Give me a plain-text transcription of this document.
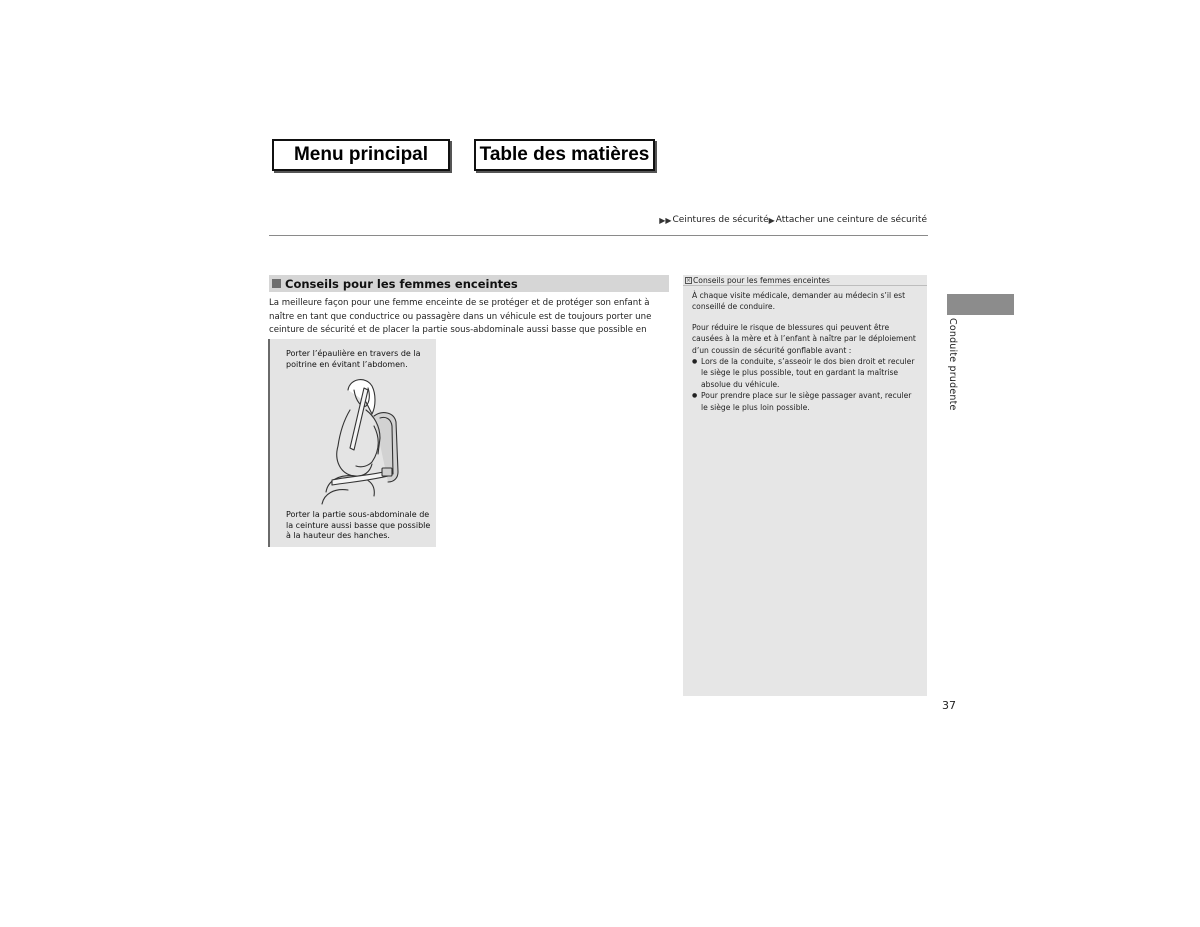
Menu principal	Table des matières
▶▶ Ceintures de sécurité ▶ Attacher une ceinture de sécurité
Conseils pour les femmes enceintes
La meilleure façon pour une femme enceinte de se protéger et de protéger son enfant à naître en tant que conductrice ou passagère dans un véhicule est de toujours porter une ceinture de sécurité et de placer la partie sous-abdominale aussi basse que possible en
Porter l’épaulière en travers de la poitrine en évitant l’abdomen.
Porter la partie sous-abdominale de la ceinture aussi basse que possible à la hauteur des hanches.
× Conseils pour les femmes enceintes

À chaque visite médicale, demander au médecin s’il est conseillé de conduire.

Pour réduire le risque de blessures qui peuvent être causées à la mère et à l’enfant à naître par le déploiement d’un coussin de sécurité gonflable avant :

● Lors de la conduite, s’asseoir le dos bien droit et reculer le siège le plus possible, tout en gardant la maîtrise absolue du véhicule.
● Pour prendre place sur le siège passager avant, reculer le siège le plus loin possible.	Conduite prudente
37
